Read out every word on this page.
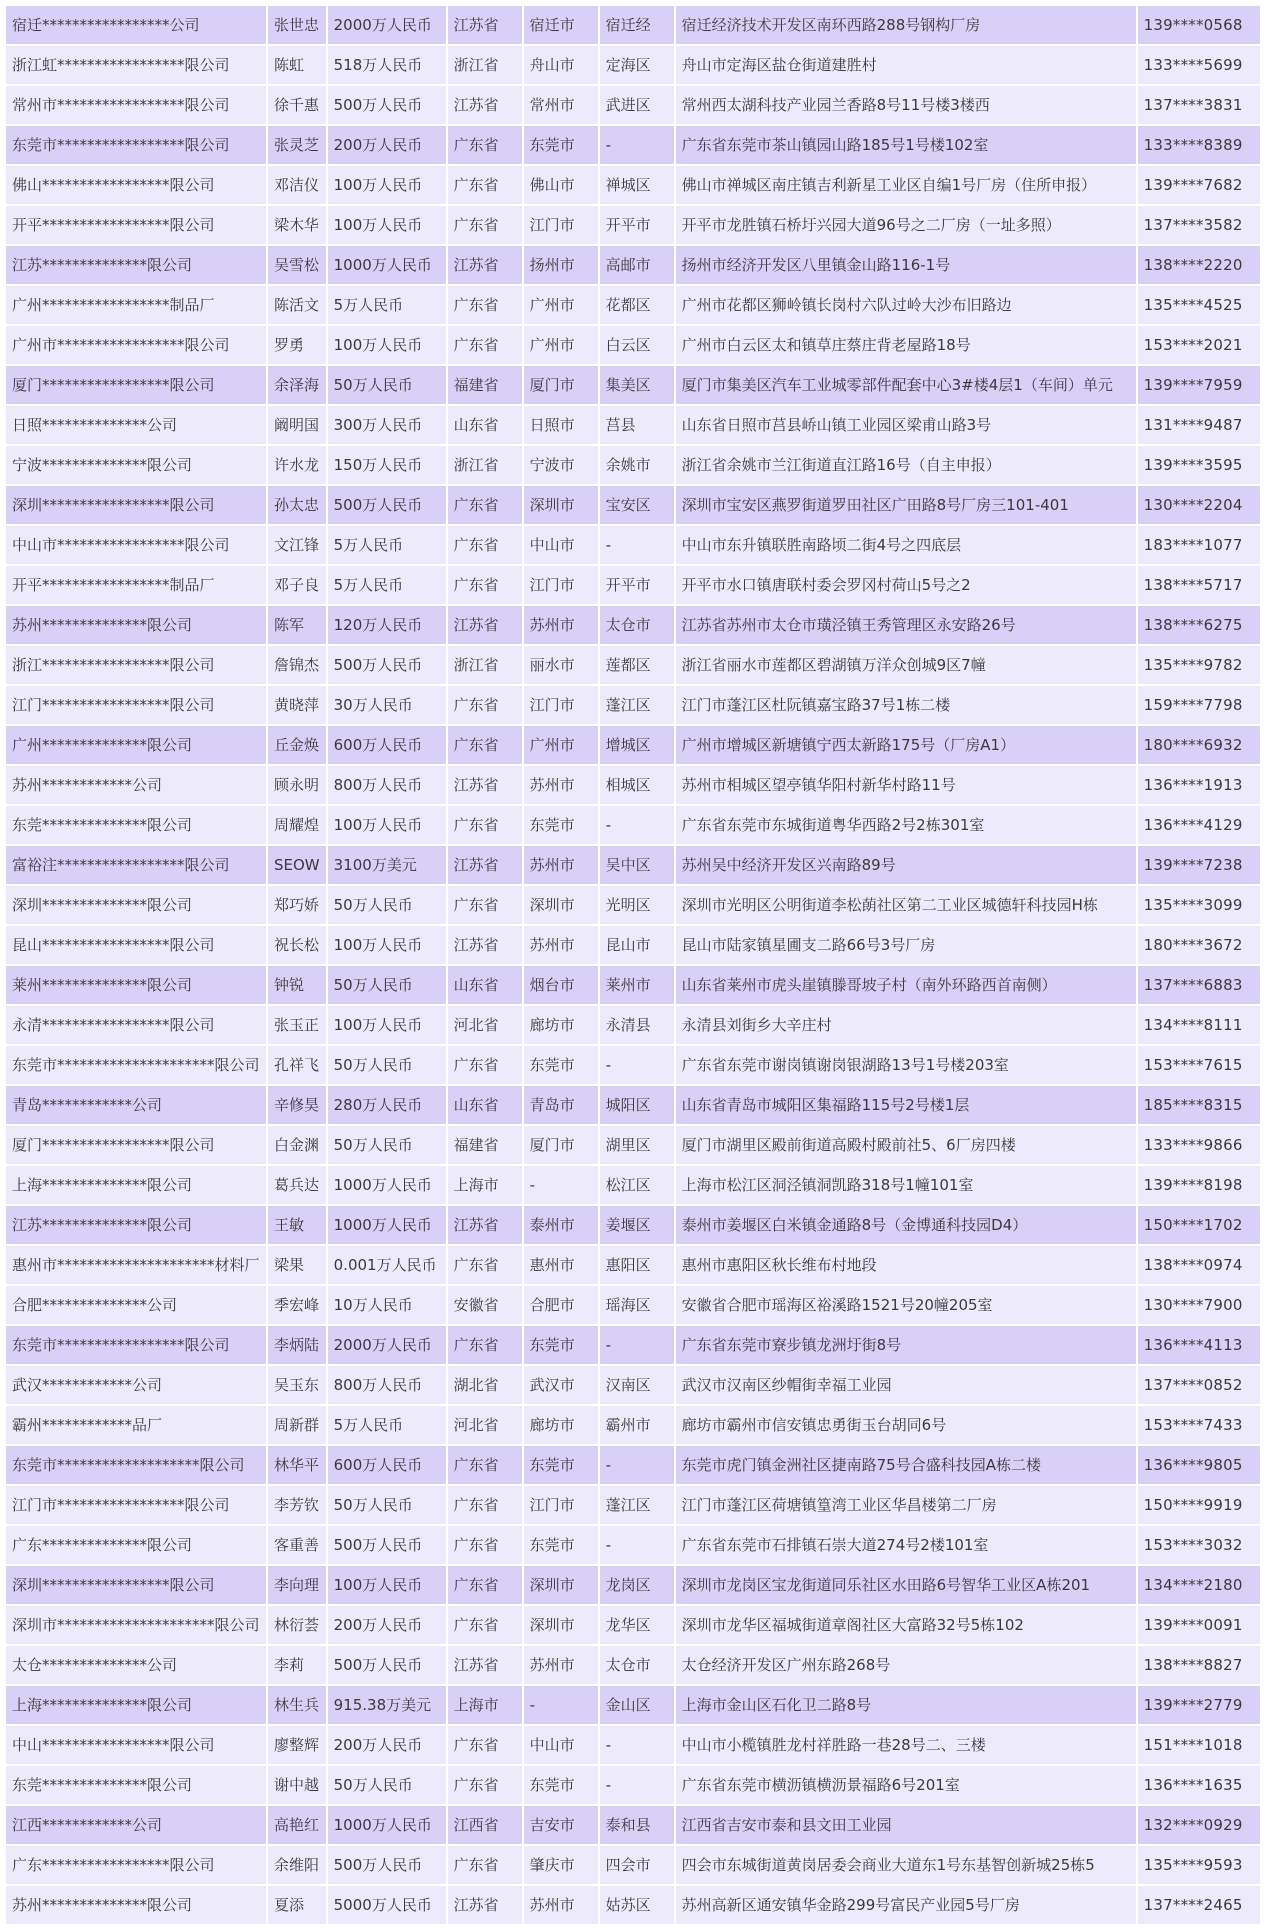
宿迁*****************公司	张世忠	2000万人民币	江苏省	宿迁市	宿迁经	宿迁经济技术开发区南环西路288号钢构厂房	139****0568
浙江虹*****************限公司	陈虹	518万人民币	浙江省	舟山市	定海区	舟山市定海区盐仓街道建胜村	133****5699
常州市*****************限公司	徐千惠	500万人民币	江苏省	常州市	武进区	常州西太湖科技产业园兰香路8号11号楼3楼西	137****3831
东莞市*****************限公司	张灵芝	200万人民币	广东省	东莞市	-	广东省东莞市茶山镇园山路185号1号楼102室	133****8389
佛山*****************限公司	邓洁仪	100万人民币	广东省	佛山市	禅城区	佛山市禅城区南庄镇吉利新星工业区自编1号厂房（住所申报）	139****7682
开平*****************限公司	梁木华	100万人民币	广东省	江门市	开平市	开平市龙胜镇石桥圩兴园大道96号之二厂房（一址多照）	137****3582
江苏**************限公司	吴雪松	1000万人民币	江苏省	扬州市	高邮市	扬州市经济开发区八里镇金山路116-1号	138****2220
广州*****************制品厂	陈活文	5万人民币	广东省	广州市	花都区	广州市花都区狮岭镇长岗村六队过岭大沙布旧路边	135****4525
广州市*****************限公司	罗勇	100万人民币	广东省	广州市	白云区	广州市白云区太和镇草庄蔡庄背老屋路18号	153****2021
厦门*****************限公司	余泽海	50万人民币	福建省	厦门市	集美区	厦门市集美区汽车工业城零部件配套中心3#楼4层1（车间）单元	139****7959
日照**************公司	阚明国	300万人民币	山东省	日照市	莒县	山东省日照市莒县峤山镇工业园区梁甫山路3号	131****9487
宁波**************限公司	许水龙	150万人民币	浙江省	宁波市	余姚市	浙江省余姚市兰江街道直江路16号（自主申报）	139****3595
深圳*****************限公司	孙太忠	500万人民币	广东省	深圳市	宝安区	深圳市宝安区燕罗街道罗田社区广田路8号厂房三101-401	130****2204
中山市*****************限公司	文江锋	5万人民币	广东省	中山市	-	中山市东升镇联胜南路顷二街4号之四底层	183****1077
开平*****************制品厂	邓子良	5万人民币	广东省	江门市	开平市	开平市水口镇唐联村委会罗冈村荷山5号之2	138****5717
苏州**************限公司	陈军	120万人民币	江苏省	苏州市	太仓市	江苏省苏州市太仓市璜泾镇王秀管理区永安路26号	138****6275
浙江*****************限公司	詹锦杰	500万人民币	浙江省	丽水市	莲都区	浙江省丽水市莲都区碧湖镇万洋众创城9区7幢	135****9782
江门*****************限公司	黄晓萍	30万人民币	广东省	江门市	蓬江区	江门市蓬江区杜阮镇嘉宝路37号1栋二楼	159****7798
广州**************限公司	丘金焕	600万人民币	广东省	广州市	增城区	广州市增城区新塘镇宁西太新路175号（厂房A1）	180****6932
苏州************公司	顾永明	800万人民币	江苏省	苏州市	相城区	苏州市相城区望亭镇华阳村新华村路11号	136****1913
东莞**************限公司	周耀煌	100万人民币	广东省	东莞市	-	广东省东莞市东城街道粤华西路2号2栋301室	136****4129
富裕注*****************限公司	SEOW	3100万美元	江苏省	苏州市	吴中区	苏州吴中经济开发区兴南路89号	139****7238
深圳**************限公司	郑巧娇	50万人民币	广东省	深圳市	光明区	深圳市光明区公明街道李松蓢社区第二工业区城德轩科技园H栋	135****3099
昆山*****************限公司	祝长松	100万人民币	江苏省	苏州市	昆山市	昆山市陆家镇星圃支二路66号3号厂房	180****3672
莱州**************限公司	钟锐	50万人民币	山东省	烟台市	莱州市	山东省莱州市虎头崖镇滕哥坡子村（南外环路西首南侧）	137****6883
永清*****************限公司	张玉正	100万人民币	河北省	廊坊市	永清县	永清县刘街乡大辛庄村	134****8111
东莞市*********************限公司	孔祥飞	50万人民币	广东省	东莞市	-	广东省东莞市谢岗镇谢岗银湖路13号1号楼203室	153****7615
青岛************公司	辛修昊	280万人民币	山东省	青岛市	城阳区	山东省青岛市城阳区集福路115号2号楼1层	185****8315
厦门*****************限公司	白金渊	50万人民币	福建省	厦门市	湖里区	厦门市湖里区殿前街道高殿村殿前社5、6厂房四楼	133****9866
上海**************限公司	葛兵达	1000万人民币	上海市	-	松江区	上海市松江区洞泾镇洞凯路318号1幢101室	139****8198
江苏**************限公司	王敏	1000万人民币	江苏省	泰州市	姜堰区	泰州市姜堰区白米镇金通路8号（金博通科技园D4）	150****1702
惠州市*********************材料厂	梁果	0.001万人民币	广东省	惠州市	惠阳区	惠州市惠阳区秋长维布村地段	138****0974
合肥**************公司	季宏峰	10万人民币	安徽省	合肥市	瑶海区	安徽省合肥市瑶海区裕溪路1521号20幢205室	130****7900
东莞市*****************限公司	李炳陆	2000万人民币	广东省	东莞市	-	广东省东莞市寮步镇龙洲圩街8号	136****4113
武汉************公司	吴玉东	800万人民币	湖北省	武汉市	汉南区	武汉市汉南区纱帽街幸福工业园	137****0852
霸州************品厂	周新群	5万人民币	河北省	廊坊市	霸州市	廊坊市霸州市信安镇忠勇街玉台胡同6号	153****7433
东莞市*******************限公司	林华平	600万人民币	广东省	东莞市	-	东莞市虎门镇金洲社区捷南路75号合盛科技园A栋二楼	136****9805
江门市*****************限公司	李芳钦	50万人民币	广东省	江门市	蓬江区	江门市蓬江区荷塘镇篁湾工业区华昌楼第二厂房	150****9919
广东**************限公司	客重善	500万人民币	广东省	东莞市	-	广东省东莞市石排镇石崇大道274号2楼101室	153****3032
深圳*****************限公司	李向理	100万人民币	广东省	深圳市	龙岗区	深圳市龙岗区宝龙街道同乐社区水田路6号智华工业区A栋201	134****2180
深圳市*********************限公司	林衍荟	200万人民币	广东省	深圳市	龙华区	深圳市龙华区福城街道章阁社区大富路32号5栋102	139****0091
太仓**************公司	李莉	500万人民币	江苏省	苏州市	太仓市	太仓经济开发区广州东路268号	138****8827
上海**************限公司	林生兵	915.38万美元	上海市	-	金山区	上海市金山区石化卫二路8号	139****2779
中山*****************限公司	廖整辉	200万人民币	广东省	中山市	-	中山市小榄镇胜龙村祥胜路一巷28号二、三楼	151****1018
东莞**************限公司	谢中越	50万人民币	广东省	东莞市	-	广东省东莞市横沥镇横沥景福路6号201室	136****1635
江西************公司	高艳红	1000万人民币	江西省	吉安市	泰和县	江西省吉安市泰和县文田工业园	132****0929
广东*****************限公司	余维阳	500万人民币	广东省	肇庆市	四会市	四会市东城街道黄岗居委会商业大道东1号东基智创新城25栋5	135****9593
苏州**************限公司	夏添	5000万人民币	江苏省	苏州市	姑苏区	苏州高新区通安镇华金路299号富民产业园5号厂房	137****2465
